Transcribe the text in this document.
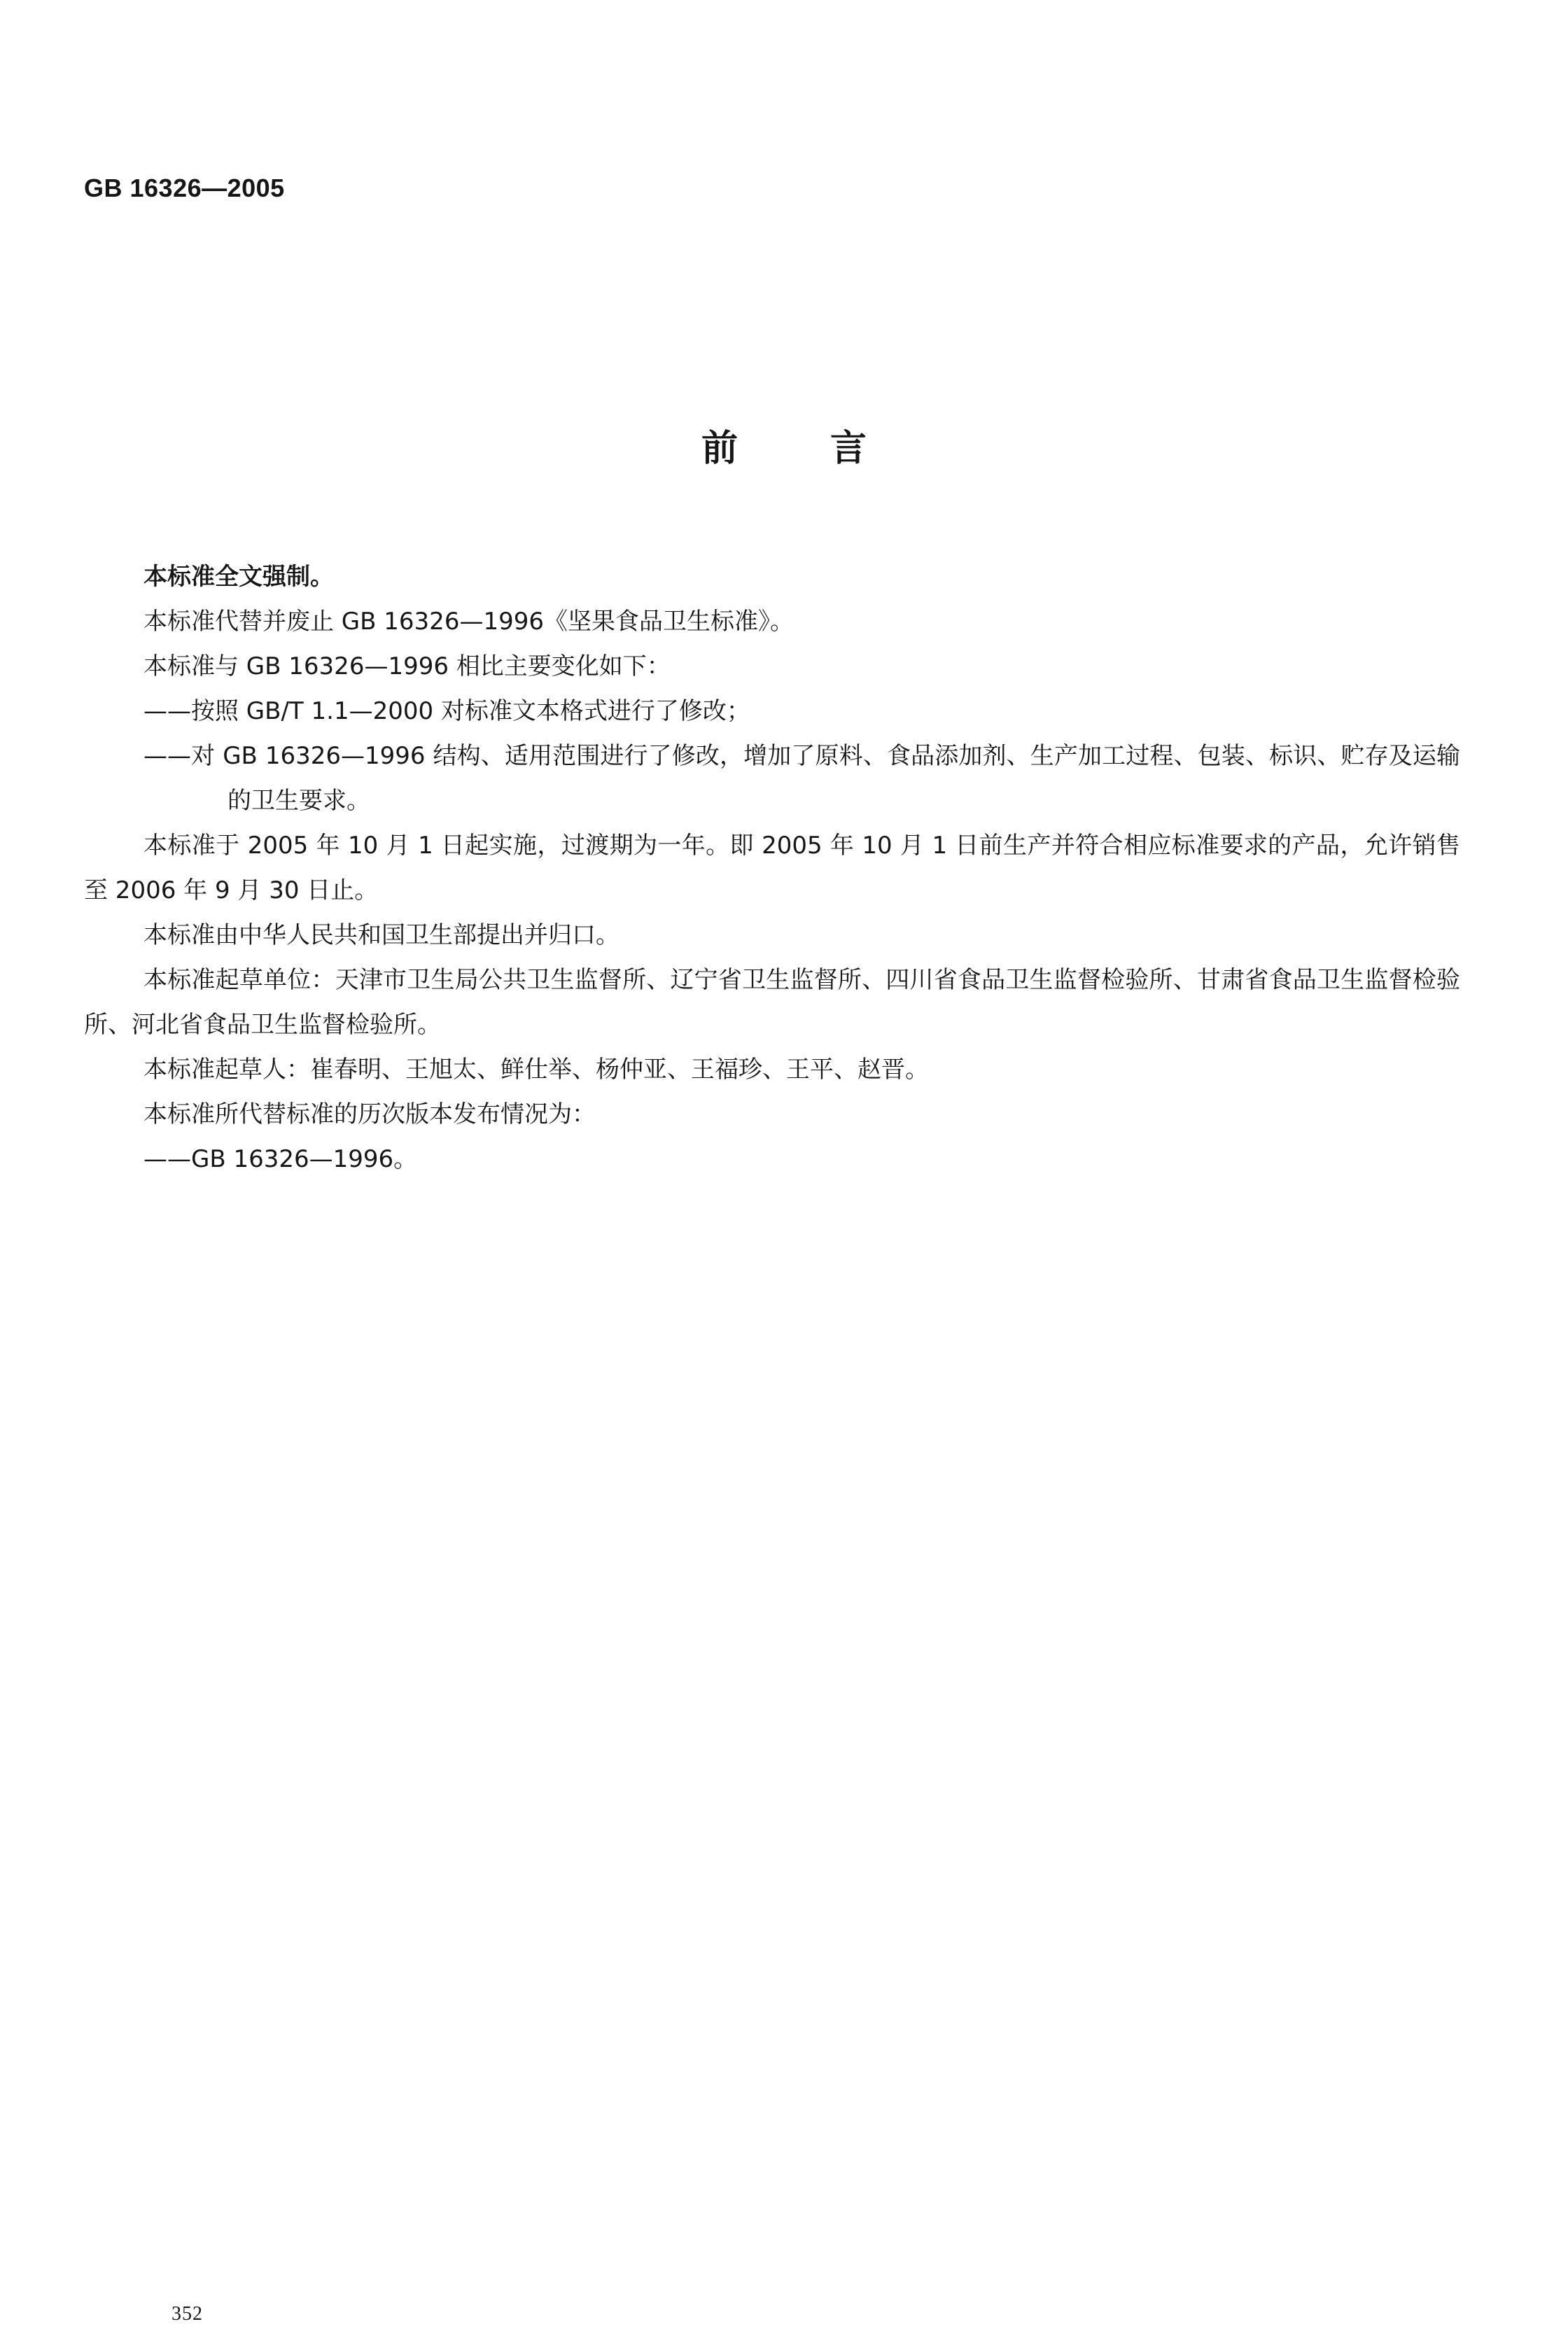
GB 16326—2005
前言

本标准全文强制。

本标准代替并废止 GB 16326—1996《坚果食品卫生标准》。

本标准与 GB 16326—1996 相比主要变化如下：

——按照 GB/T 1.1—2000 对标准文本格式进行了修改；

——对 GB 16326—1996 结构、适用范围进行了修改，增加了原料、食品添加剂、生产加工过程、包装、标识、贮存及运输的卫生要求。

本标准于 2005 年 10 月 1 日起实施，过渡期为一年。即 2005 年 10 月 1 日前生产并符合相应标准要求的产品，允许销售至 2006 年 9 月 30 日止。

本标准由中华人民共和国卫生部提出并归口。

本标准起草单位：天津市卫生局公共卫生监督所、辽宁省卫生监督所、四川省食品卫生监督检验所、甘肃省食品卫生监督检验所、河北省食品卫生监督检验所。

本标准起草人：崔春明、王旭太、鲜仕举、杨仲亚、王福珍、王平、赵晋。

本标准所代替标准的历次版本发布情况为：

——GB 16326—1996。

352
